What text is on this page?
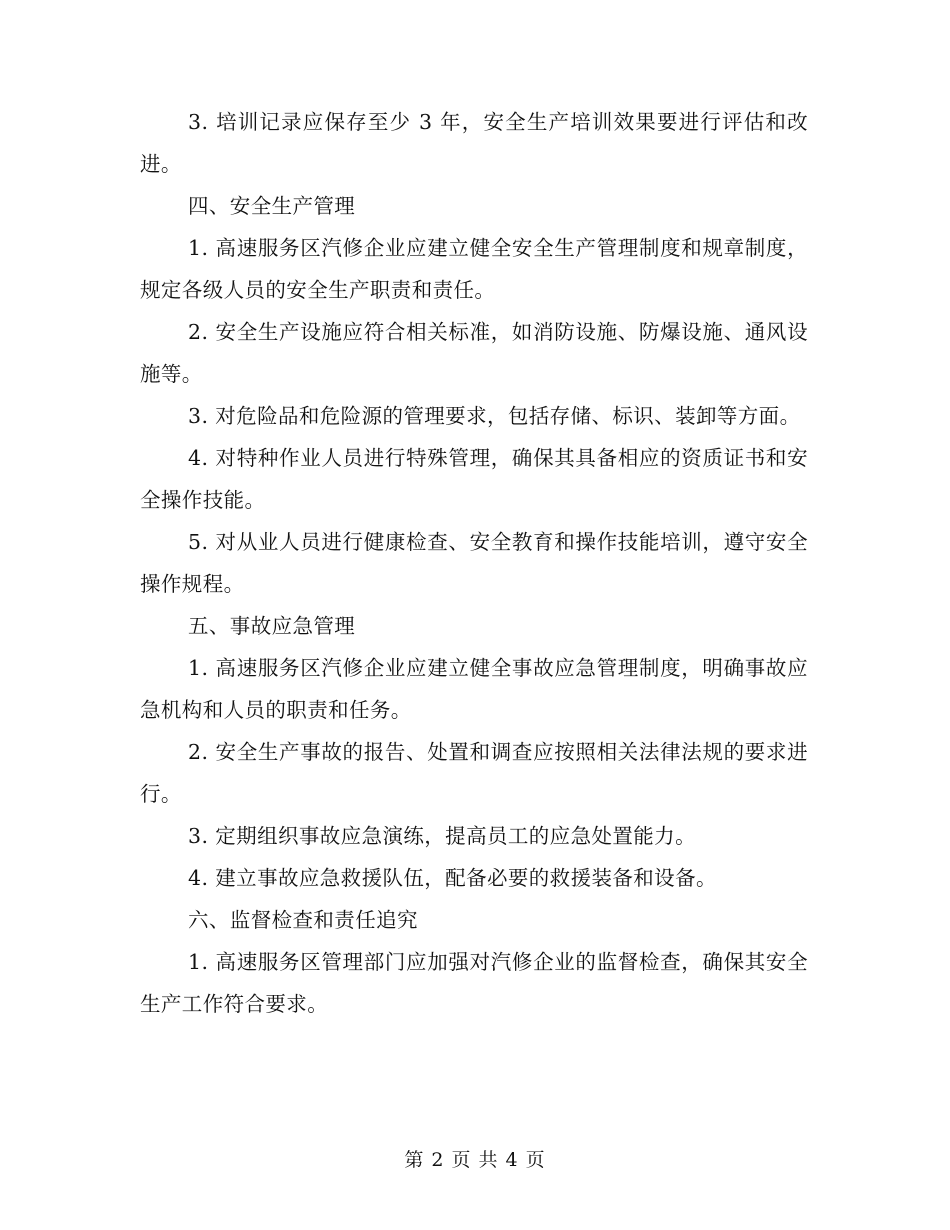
3. 培训记录应保存至少 3 年，安全生产培训效果要进行评估和改进。

四、安全生产管理

1. 高速服务区汽修企业应建立健全安全生产管理制度和规章制度，规定各级人员的安全生产职责和责任。

2. 安全生产设施应符合相关标准，如消防设施、防爆设施、通风设施等。

3. 对危险品和危险源的管理要求，包括存储、标识、装卸等方面。

4. 对特种作业人员进行特殊管理，确保其具备相应的资质证书和安全操作技能。

5. 对从业人员进行健康检查、安全教育和操作技能培训，遵守安全操作规程。

五、事故应急管理

1. 高速服务区汽修企业应建立健全事故应急管理制度，明确事故应急机构和人员的职责和任务。

2. 安全生产事故的报告、处置和调查应按照相关法律法规的要求进行。

3. 定期组织事故应急演练，提高员工的应急处置能力。

4. 建立事故应急救援队伍，配备必要的救援装备和设备。

六、监督检查和责任追究

1. 高速服务区管理部门应加强对汽修企业的监督检查，确保其安全生产工作符合要求。

第 2 页 共 4 页
